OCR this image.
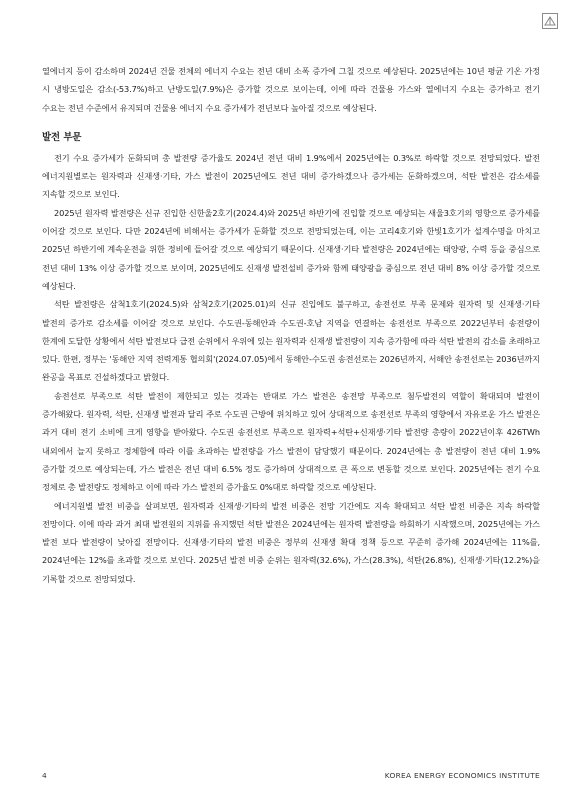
열에너지 등이 감소하며 2024년 건물 전체의 에너지 수요는 전년 대비 소폭 증가에 그칠 것으로 예상된다. 2025년에는 10년 평균 기온 가정 시 냉방도일은 감소(-53.7%)하고 난방도일(7.9%)은 증가할 것으로 보이는데, 이에 따라 건물용 가스와 열에너지 수요는 증가하고 전기 수요는 전년 수준에서 유지되며 건물용 에너지 수요 증가세가 전년보다 높아질 것으로 예상된다.

발전 부문

전기 수요 증가세가 둔화되며 총 발전량 증가율도 2024년 전년 대비 1.9%에서 2025년에는 0.3%로 하락할 것으로 전망되었다. 발전 에너지원별로는 원자력과 신재생·기타, 가스 발전이 2025년에도 전년 대비 증가하겠으나 증가세는 둔화하겠으며, 석탄 발전은 감소세를 지속할 것으로 보인다.

2025년 원자력 발전량은 신규 진입한 신한울2호기(2024.4)와 2025년 하반기에 진입할 것으로 예상되는 새울3호기의 영향으로 증가세를 이어갈 것으로 보인다. 다만 2024년에 비해서는 증가세가 둔화할 것으로 전망되었는데, 이는 고리4호기와 한빛1호기가 설계수명을 마치고 2025년 하반기에 계속운전을 위한 정비에 들어갈 것으로 예상되기 때문이다. 신재생·기타 발전량은 2024년에는 태양광, 수력 등을 중심으로 전년 대비 13% 이상 증가할 것으로 보이며, 2025년에도 신재생 발전설비 증가와 함께 태양광을 중심으로 전년 대비 8% 이상 증가할 것으로 예상된다.

석탄 발전량은 삼척1호기(2024.5)와 삼척2호기(2025.01)의 신규 진입에도 불구하고, 송전선로 부족 문제와 원자력 및 신재생·기타 발전의 증가로 감소세를 이어갈 것으로 보인다. 수도권-동해안과 수도권-호남 지역을 연결하는 송전선로 부족으로 2022년부터 송전량이 한계에 도달한 상황에서 석탄 발전보다 급전 순위에서 우위에 있는 원자력과 신재생 발전량이 지속 증가함에 따라 석탄 발전의 감소를 초래하고 있다. 한편, 정부는 '동해안 지역 전력계통 협의회'(2024.07.05)에서 동해안-수도권 송전선로는 2026년까지, 서해안 송전선로는 2036년까지 완공을 목표로 건설하겠다고 밝혔다.

송전선로 부족으로 석탄 발전이 제한되고 있는 것과는 반대로 가스 발전은 송전망 부족으로 첨두발전의 역할이 확대되며 발전이 증가해왔다. 원자력, 석탄, 신재생 발전과 달리 주로 수도권 근방에 위치하고 있어 상대적으로 송전선로 부족의 영향에서 자유로운 가스 발전은 과거 대비 전기 소비에 크게 영향을 받아왔다. 수도권 송전선로 부족으로 원자력+석탄+신재생·기타 발전량 총량이 2022년이후 426TWh 내외에서 늘지 못하고 정체함에 따라 이를 초과하는 발전량을 가스 발전이 담당했기 때문이다. 2024년에는 총 발전량이 전년 대비 1.9% 증가할 것으로 예상되는데, 가스 발전은 전년 대비 6.5% 정도 증가하며 상대적으로 큰 폭으로 변동할 것으로 보인다. 2025년에는 전기 수요 정체로 총 발전량도 정체하고 이에 따라 가스 발전의 증가율도 0%대로 하락할 것으로 예상된다.

에너지원별 발전 비중을 살펴보면, 원자력과 신재생·기타의 발전 비중은 전망 기간에도 지속 확대되고 석탄 발전 비중은 지속 하락할 전망이다. 이에 따라 과거 최대 발전원의 지위를 유지했던 석탄 발전은 2024년에는 원자력 발전량을 하회하기 시작했으며, 2025년에는 가스 발전 보다 발전량이 낮아질 전망이다. 신재생·기타의 발전 비중은 정부의 신재생 확대 정책 등으로 꾸준히 증가해 2024년에는 11%를, 2024년에는 12%를 초과할 것으로 보인다. 2025년 발전 비중 순위는 원자력(32.6%), 가스(28.3%), 석탄(26.8%), 신재생·기타(12.2%)을 기록할 것으로 전망되었다.

4	KOREA ENERGY ECONOMICS INSTITUTE
